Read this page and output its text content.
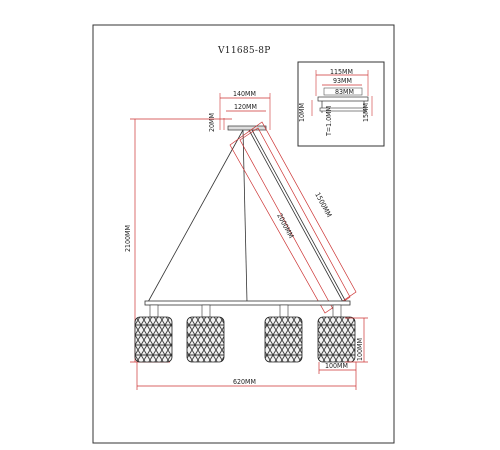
V11685-8P
115MM
93MM
83MM
10MM	T=1.0MM	15MM
140MM
120MM
20MM
2000MM
1500MM
2100MM
100MM
100MM
620MM
